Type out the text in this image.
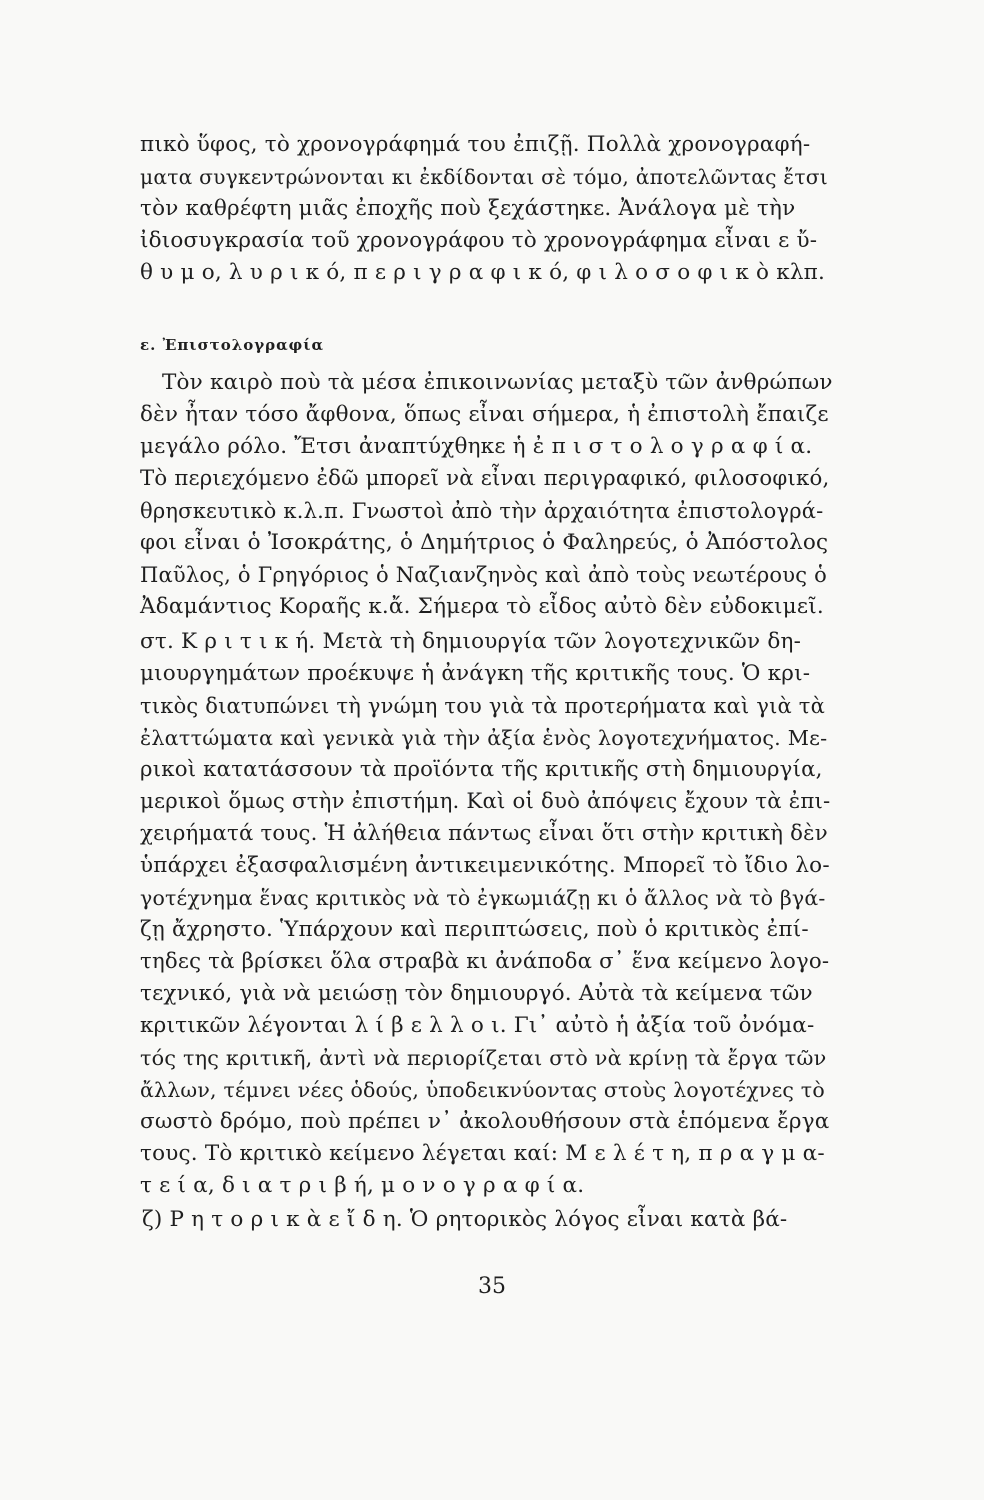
πικὸ ὕφος, τὸ χρονογράφημά του ἐπιζῇ. Πολλὰ χρονογραφή-
ματα συγκεντρώνονται κι ἐκδίδονται σὲ τόμο, ἀποτελῶντας ἔτσι
τὸν καθρέφτη μιᾶς ἐποχῆς ποὺ ξεχάστηκε. Ἀνάλογα μὲ τὴν
ἰδιοσυγκρασία τοῦ χρονογράφου τὸ χρονογράφημα εἶναι ε ὔ-
θ υ μ ο, λ υ ρ ι κ ό, π ε ρ ι γ ρ α φ ι κ ό, φ ι λ ο σ ο φ ι κ ὸ κλπ.
ε. Ἐπιστολογραφία
Τὸν καιρὸ ποὺ τὰ μέσα ἐπικοινωνίας μεταξὺ τῶν ἀνθρώπων
δὲν ἦταν τόσο ἄφθονα, ὅπως εἶναι σήμερα, ἡ ἐπιστολὴ ἔπαιζε
μεγάλο ρόλο. Ἔτσι ἀναπτύχθηκε ἡ ἐ π ι σ τ ο λ ο γ ρ α φ ί α.
Τὸ περιεχόμενο ἐδῶ μπορεῖ νὰ εἶναι περιγραφικό, φιλοσοφικό,
θρησκευτικὸ κ.λ.π. Γνωστοὶ ἀπὸ τὴν ἀρχαιότητα ἐπιστολογρά-
φοι εἶναι ὁ Ἰσοκράτης, ὁ Δημήτριος ὁ Φαληρεύς, ὁ Ἀπόστολος
Παῦλος, ὁ Γρηγόριος ὁ Ναζιανζηνὸς καὶ ἀπὸ τοὺς νεωτέρους ὁ
Ἀδαμάντιος Κοραῆς κ.ἄ. Σήμερα τὸ εἶδος αὐτὸ δὲν εὐδοκιμεῖ.
στ. Κ ρ ι τ ι κ ή. Μετὰ τὴ δημιουργία τῶν λογοτεχνικῶν δη-
μιουργημάτων προέκυψε ἡ ἀνάγκη τῆς κριτικῆς τους. Ὁ κρι-
τικὸς διατυπώνει τὴ γνώμη του γιὰ τὰ προτερήματα καὶ γιὰ τὰ
ἐλαττώματα καὶ γενικὰ γιὰ τὴν ἀξία ἑνὸς λογοτεχνήματος. Με-
ρικοὶ κατατάσσουν τὰ προϊόντα τῆς κριτικῆς στὴ δημιουργία,
μερικοὶ ὅμως στὴν ἐπιστήμη. Καὶ οἱ δυὸ ἀπόψεις ἔχουν τὰ ἐπι-
χειρήματά τους. Ἡ ἀλήθεια πάντως εἶναι ὅτι στὴν κριτικὴ δὲν
ὑπάρχει ἐξασφαλισμένη ἀντικειμενικότης. Μπορεῖ τὸ ἴδιο λο-
γοτέχνημα ἕνας κριτικὸς νὰ τὸ ἐγκωμιάζῃ κι ὁ ἄλλος νὰ τὸ βγά-
ζῃ ἄχρηστο. Ὑπάρχουν καὶ περιπτώσεις, ποὺ ὁ κριτικὸς ἐπί-
τηδες τὰ βρίσκει ὅλα στραβὰ κι ἀνάποδα σ᾽ ἕνα κείμενο λογο-
τεχνικό, γιὰ νὰ μειώσῃ τὸν δημιουργό. Αὐτὰ τὰ κείμενα τῶν
κριτικῶν λέγονται λ ί β ε λ λ ο ι. Γι᾽ αὐτὸ ἡ ἀξία τοῦ ὀνόμα-
τός της κριτικῆ, ἀντὶ νὰ περιορίζεται στὸ νὰ κρίνῃ τὰ ἔργα τῶν
ἄλλων, τέμνει νέες ὁδούς, ὑποδεικνύοντας στοὺς λογοτέχνες τὸ
σωστὸ δρόμο, ποὺ πρέπει ν᾽ ἀκολουθήσουν στὰ ἑπόμενα ἔργα
τους. Τὸ κριτικὸ κείμενο λέγεται καί: Μ ε λ έ τ η, π ρ α γ μ α-
τ ε ί α, δ ι α τ ρ ι β ή, μ ο ν ο γ ρ α φ ί α.
ζ) Ρ η τ ο ρ ι κ ὰ ε ἴ δ η. Ὁ ρητορικὸς λόγος εἶναι κατὰ βά-
35
